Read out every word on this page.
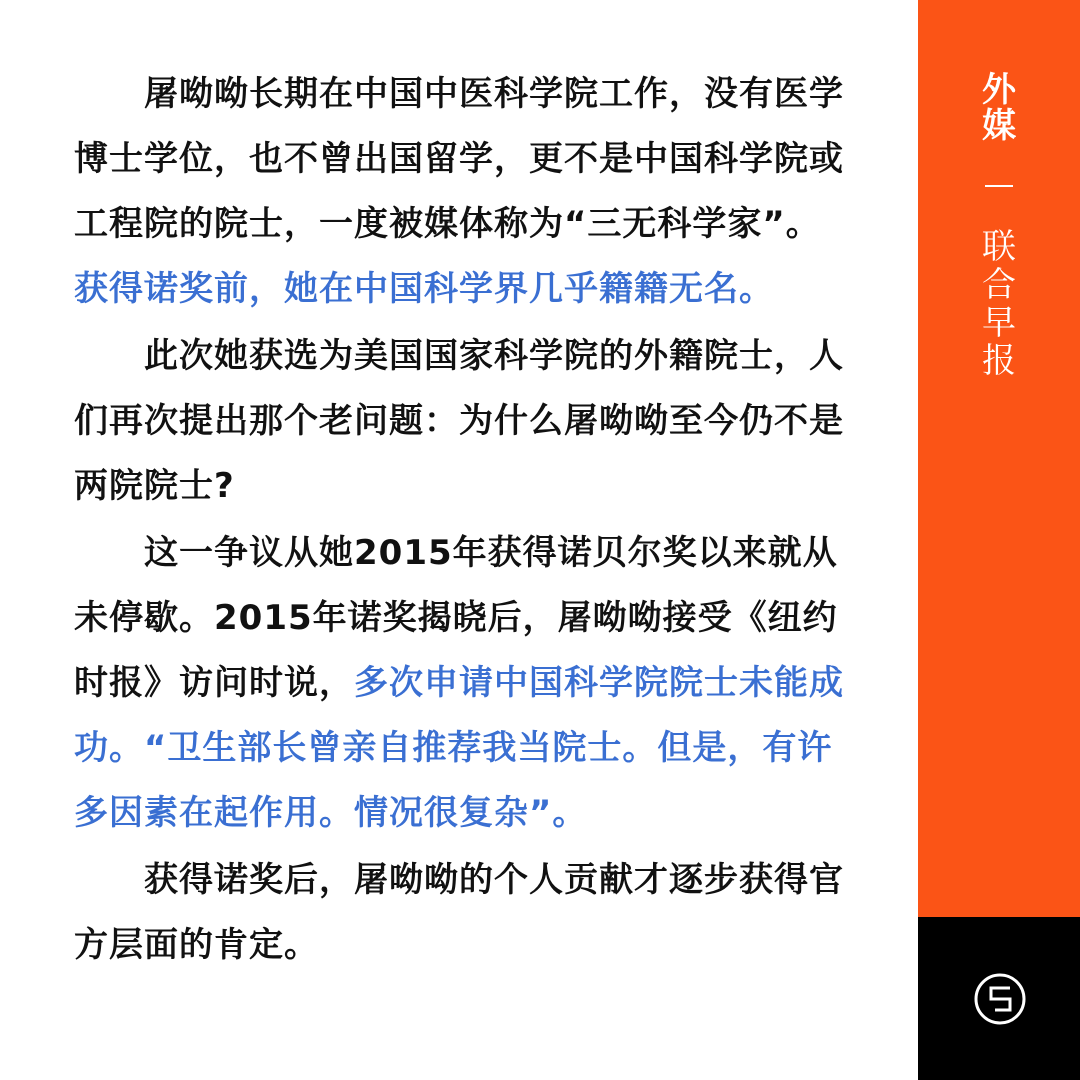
　　屠呦呦长期在中国中医科学院工作，没有医学博士学位，也不曾出国留学，更不是中国科学院或工程院的院士，一度被媒体称为“三无科学家”。获得诺奖前，她在中国科学界几乎籍籍无名。

　　此次她获选为美国国家科学院的外籍院士，人们再次提出那个老问题：为什么屠呦呦至今仍不是两院院士?

　　这一争议从她2015年获得诺贝尔奖以来就从未停歇。2015年诺奖揭晓后，屠呦呦接受《纽约时报》访问时说，多次申请中国科学院院士未能成功。“卫生部长曾亲自推荐我当院士。但是，有许多因素在起作用。情况很复杂”。

　　获得诺奖后，屠呦呦的个人贡献才逐步获得官方层面的肯定。

外
媒
联
合
早
报
